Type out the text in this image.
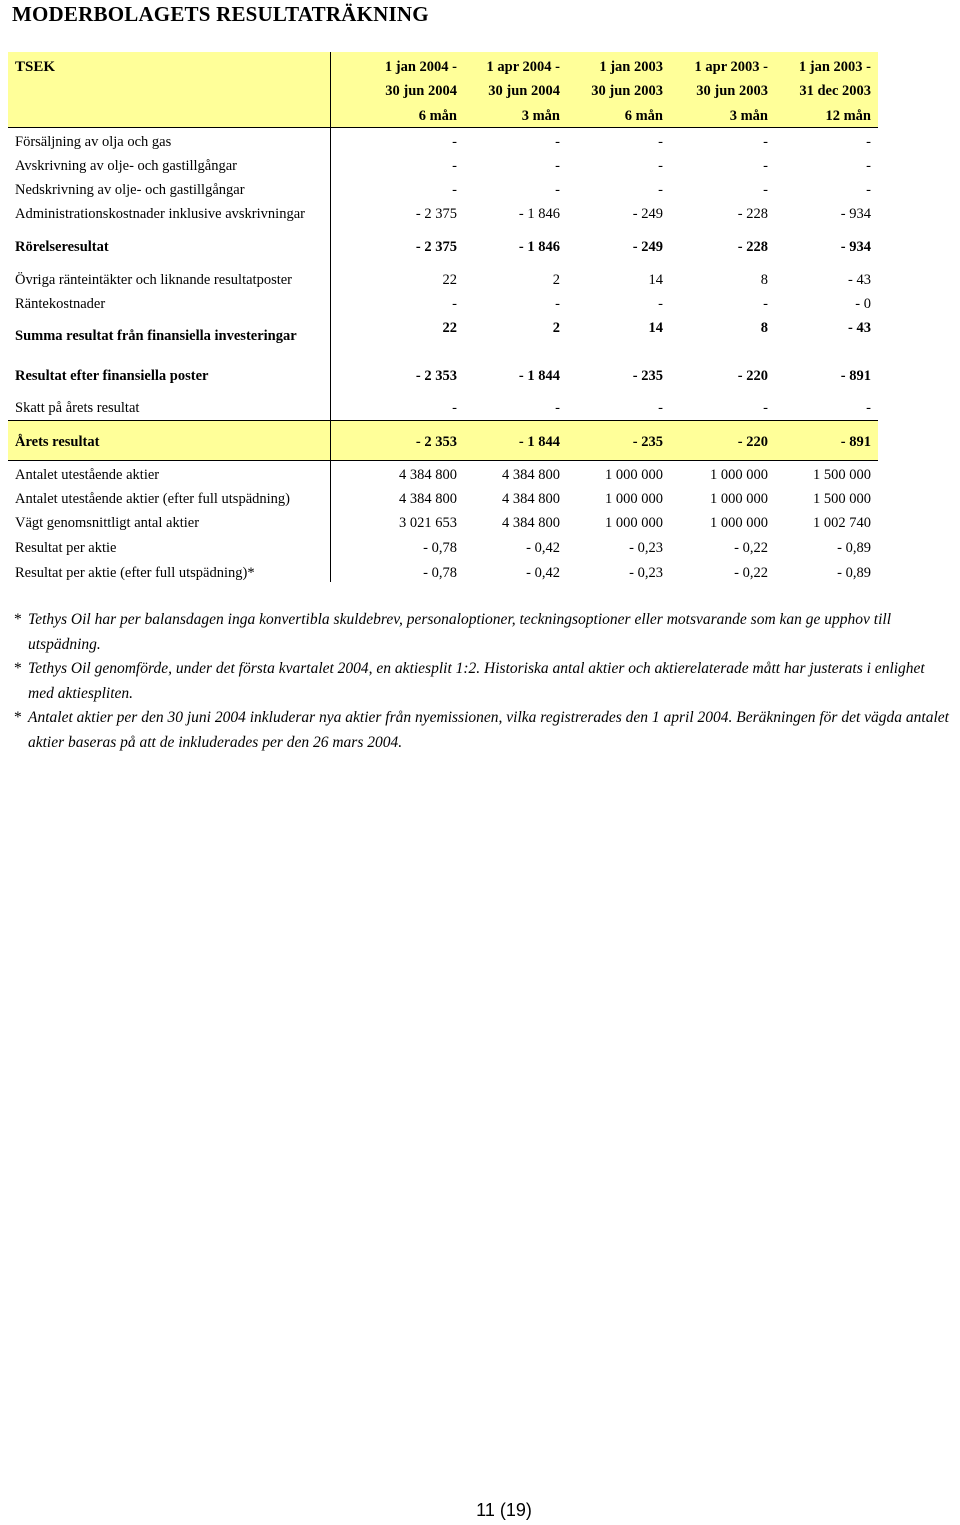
MODERBOLAGETS RESULTATRÄKNING
TSEK	1 jan 2004 -	1 apr 2004 -	1 jan 2003	1 apr 2003 -	1 jan 2003 -
30 jun 2004	30 jun 2004	30 jun 2003	30 jun 2003	31 dec 2003
6 mån	3 mån	6 mån	3 mån	12 mån
Försäljning av olja och gas	-	-	-	-	-
Avskrivning av olje- och gastillgångar	-	-	-	-	-
Nedskrivning av olje- och gastillgångar	-	-	-	-	-
Administrationskostnader inklusive avskrivningar	- 2 375	- 1 846	- 249	- 228	- 934
Rörelseresultat	- 2 375	- 1 846	- 249	- 228	- 934
Övriga ränteintäkter och liknande resultatposter	22	2	14	8	- 43
Räntekostnader	-	-	-	-	- 0
Summa resultat från finansiella investeringar	22	2	14	8	- 43
Resultat efter finansiella poster	- 2 353	- 1 844	- 235	- 220	- 891
Skatt på årets resultat	-	-	-	-	-
Årets resultat	- 2 353	- 1 844	- 235	- 220	- 891
Antalet utestående aktier	4 384 800	4 384 800	1 000 000	1 000 000	1 500 000
Antalet utestående aktier (efter full utspädning)	4 384 800	4 384 800	1 000 000	1 000 000	1 500 000
Vägt genomsnittligt antal aktier	3 021 653	4 384 800	1 000 000	1 000 000	1 002 740
Resultat per aktie	- 0,78	- 0,42	- 0,23	- 0,22	- 0,89
Resultat per aktie (efter full utspädning)*	- 0,78	- 0,42	- 0,23	- 0,22	- 0,89

* Tethys Oil har per balansdagen inga konvertibla skuldebrev, personaloptioner, teckningsoptioner eller motsvarande som kan ge upphov till utspädning.

* Tethys Oil genomförde, under det första kvartalet 2004, en aktiesplit 1:2. Historiska antal aktier och aktierelaterade mått har justerats i enlighet med aktiespliten.

* Antalet aktier per den 30 juni 2004 inkluderar nya aktier från nyemissionen, vilka registrerades den 1 april 2004. Beräkningen för det vägda antalet aktier baseras på att de inkluderades per den 26 mars 2004.

11 (19)
